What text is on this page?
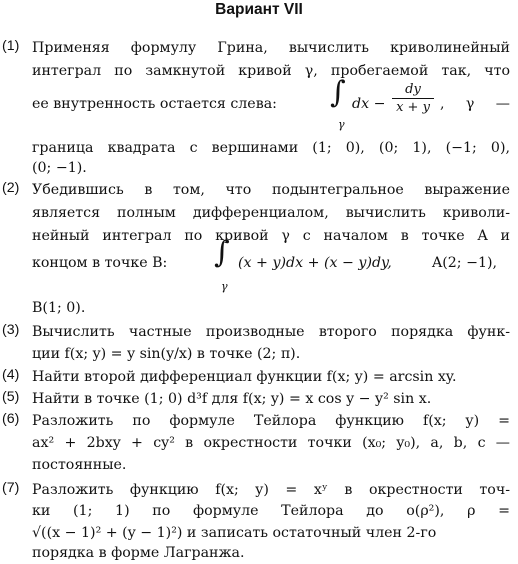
Вариант VII
(1) Применяя формулу Грина, вычислить криволинейный
интеграл по замкнутой кривой γ, пробегаемой так, что
ее внутренность остается слева: ∫
γ
dx −
dy
x + y , γ —
граница квадрата с вершинами (1; 0), (0; 1), (−1; 0),
(0; −1).
(2) Убедившись в том, что подынтегральное выражение
является полным дифференциалом, вычислить криволи-
нейный интеграл по кривой γ с началом в точке A и
концом в точке B: ∫
γ
(x + y)dx + (x − y)dy,	A(2; −1),
B(1; 0).
(3) Вычислить частные производные второго порядка функ-
ции f(x; y) = y sin(y/x) в точке (2; π).
(4) Найти второй дифференциал функции f(x; y) = arcsin xy.
(5) Найти в точке (1; 0) d³f для f(x; y) = x cos y − y² sin x.
(6) Разложить по формуле Тейлора функцию f(x; y) =
ax² + 2bxy + cy² в окрестности точки (x₀; y₀), a, b, c —
постоянные.
(7) Разложить функцию f(x; y) = xʸ в окрестности точ-
ки (1; 1) по формуле Тейлора до o(ρ²), ρ =
√((x − 1)² + (y − 1)²) и записать остаточный член 2-го
порядка в форме Лагранжа.
